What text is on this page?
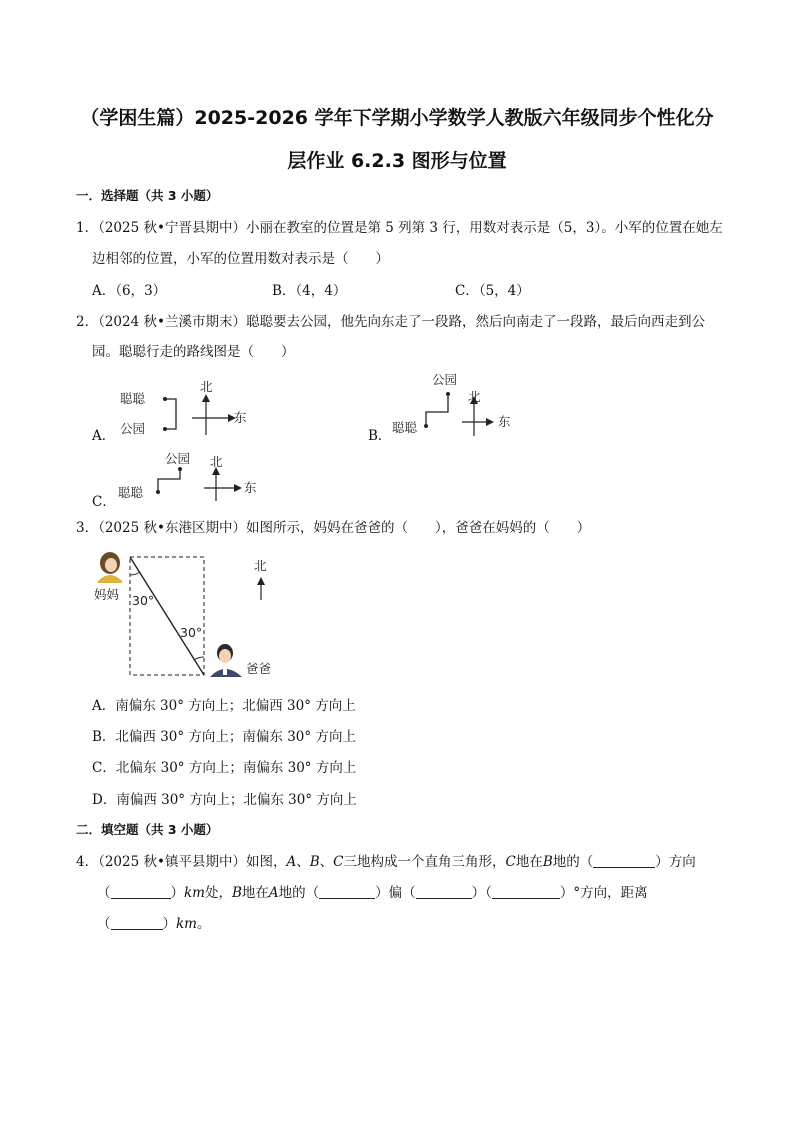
（学困生篇）2025-2026 学年下学期小学数学人教版六年级同步个性化分
层作业 6.2.3 图形与位置
一．选择题（共 3 小题）
1．（2025 秋•宁晋县期中）小丽在教室的位置是第 5 列第 3 行，用数对表示是（5，3）。小军的位置在她左
边相邻的位置，小军的位置用数对表示是（　　）
A．（6，3）	B．（4，4）	C．（5，4）
2．（2024 秋•兰溪市期末）聪聪要去公园，他先向东走了一段路，然后向南走了一段路，最后向西走到公
园。聪聪行走的路线图是（　　）
A．
聪聪
公园
北
东
B．
公园
聪聪
北
东
C．
公园
聪聪
北
东
3．（2025 秋•东港区期中）如图所示，妈妈在爸爸的（　　），爸爸在妈妈的（　　）
30°
30°
妈妈
爸爸
北
A．南偏东 30° 方向上；北偏西 30° 方向上
B．北偏西 30° 方向上；南偏东 30° 方向上
C．北偏东 30° 方向上；南偏东 30° 方向上
D．南偏西 30° 方向上；北偏东 30° 方向上
二．填空题（共 3 小题）
4．（2025 秋•镇平县期中）如图，A、B、C三地构成一个直角三角形，C地在B地的（	）方向
（	）km处，B地在A地的（	）偏（	）（	）°方向，距离
（	）km。
